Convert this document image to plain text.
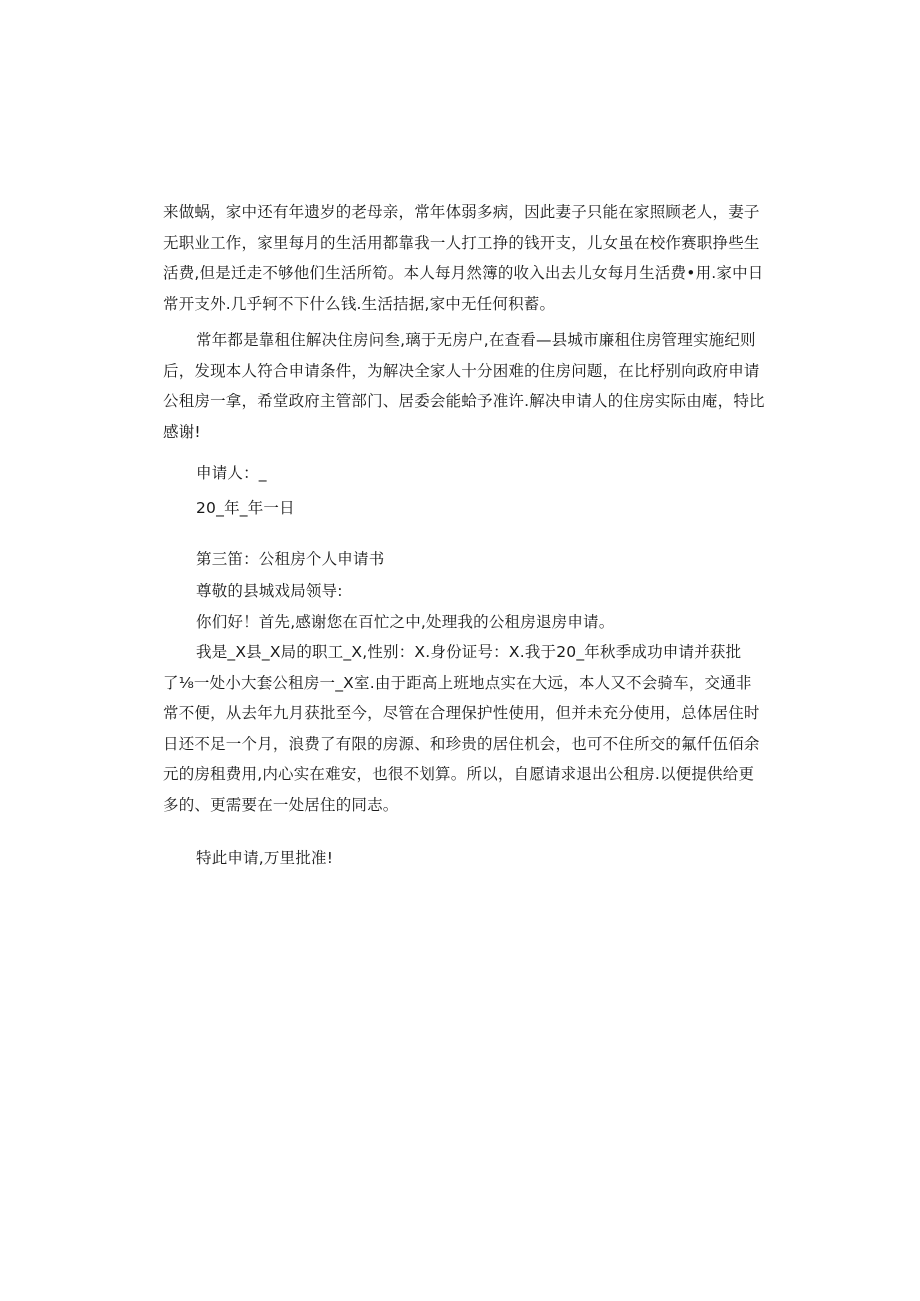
来做蜗，家中还有年遗岁的老母亲，常年体弱多病，因此妻子只能在家照顾老人，妻子
无职业工作，家里每月的生活用都靠我一人打工挣的钱开支，儿女虽在校作赛职挣些生
活费,但是迁走不够他们生活所筍。本人每月然簿的收入出去儿女每月生活费•用.家中日
常开支外.几乎轲不下什么钱.生活拮据,家中无任何积蓄。
常年都是靠租住解决住房问叁,璃于无房户,在查看—县城市廉租住房管理实施纪则
后，发现本人符合申请条件，为解决全家人十分困难的住房问题，在比杼别向政府申请
公租房一拿，希堂政府主管部门、居委会能蛤予准许.解决申请人的住房实际由庵，特比
感谢!
申请人：_
20_年_年一日
第三笛：公租房个人申请书
尊敬的县城戏局领导:
你们好！首先,感谢您在百忙之中,处理我的公租房退房申请。
我是_X县_X局的职工_X,性别：X.身份证号：X.我于20_年秋季成功申请并获批
了⅛一处小大套公租房一_X室.由于距高上班地点实在大远，本人又不会骑车，交通非
常不便，从去年九月获批至今，尽管在合理保护性使用，但并未充分使用，总体居住时
日还不足一个月，浪费了有限的房源、和珍贵的居住机会，也可不住所交的氟仟伍佰余
元的房租费用,内心实在难安，也很不划算。所以，自愿请求退出公租房.以便提供给更
多的、更需要在一处居住的同志。
特此申请,万里批准!
